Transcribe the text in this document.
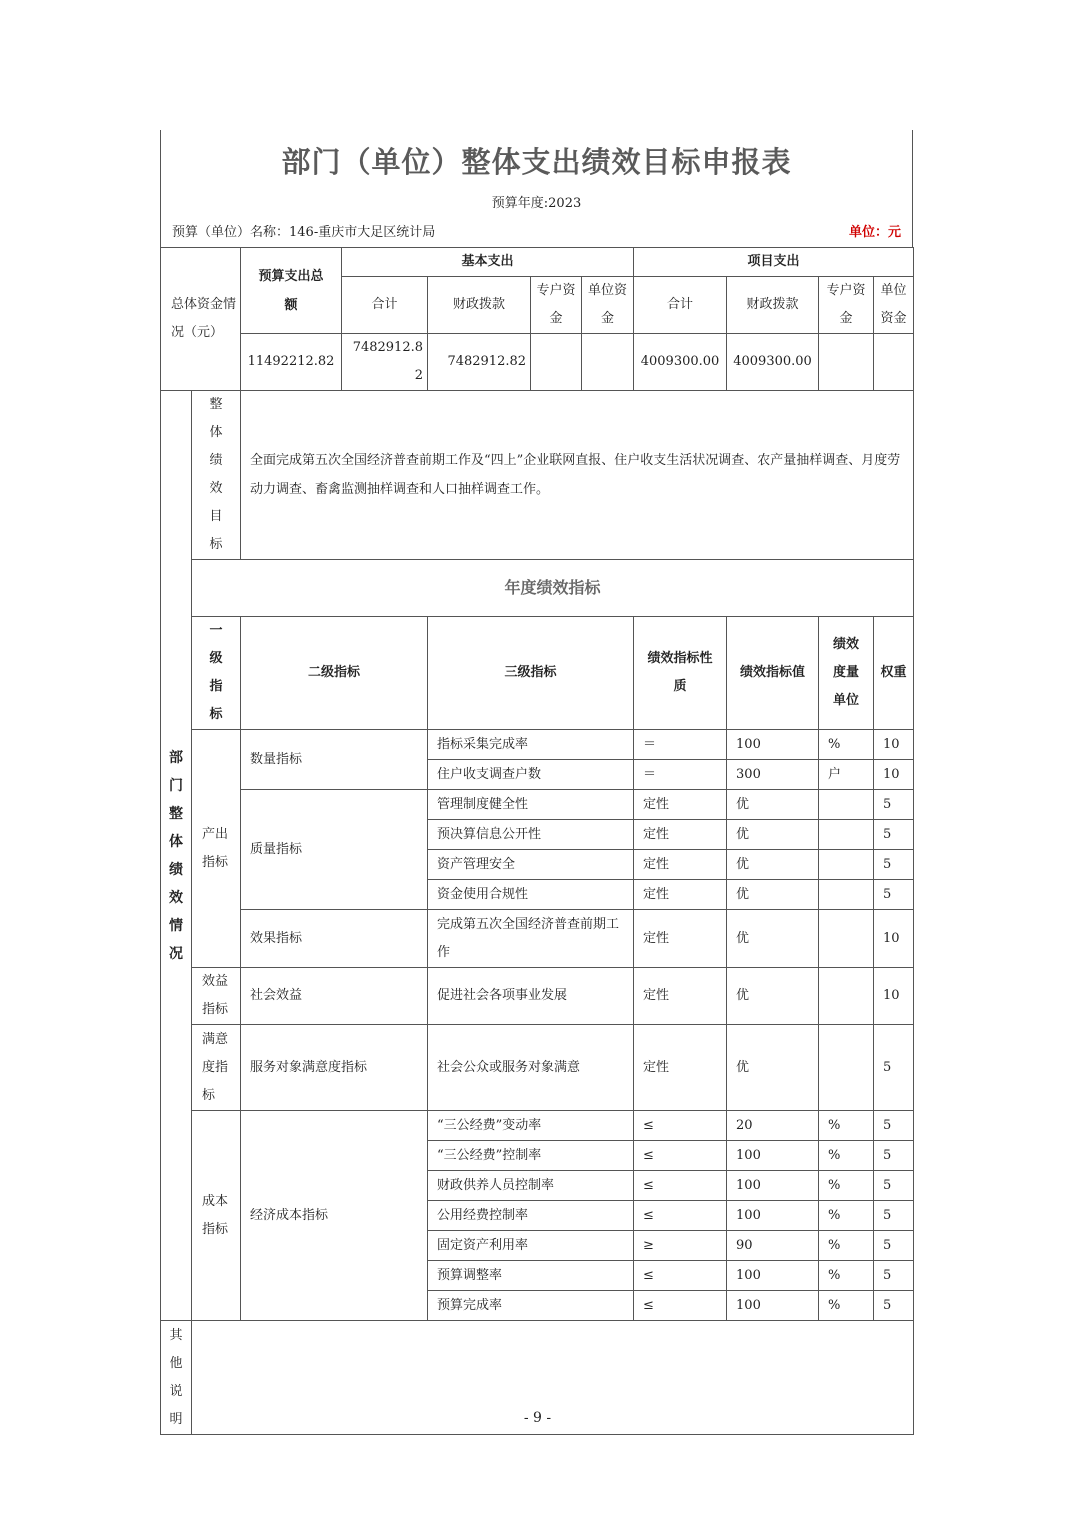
部门（单位）整体支出绩效目标申报表
预算年度:2023
预算（单位）名称：146-重庆市大足区统计局	单位：元
总体资金情况（元）		预算支出总额	基本支出				项目支出			
			合计	财政拨款	专户资金	单位资金	合计	财政拨款	专户资金	单位资金
		11492212.82	7482912.82	7482912.82			4009300.00	4009300.00		
部门整体绩效情况	整体绩效目标	全面完成第五次全国经济普查前期工作及“四上”企业联网直报、住户收支生活状况调查、农产量抽样调查、月度劳动力调查、畜禽监测抽样调查和人口抽样调查工作。								
	年度绩效指标									
	一级指标	二级指标		三级指标			绩效指标性质	绩效指标值	绩效度量单位	权重
	产出指标	数量指标		指标采集完成率			＝	100	%	10
				住户收支调查户数			＝	300	户	10
		质量指标		管理制度健全性			定性	优		5
				预决算信息公开性			定性	优		5
				资产管理安全			定性	优		5
				资金使用合规性			定性	优		5
		效果指标		完成第五次全国经济普查前期工作			定性	优		10
	效益指标	社会效益		促进社会各项事业发展			定性	优		10
	满意度指标	服务对象满意度指标		社会公众或服务对象满意			定性	优		5
	成本指标	经济成本指标		“三公经费”变动率			≤	20	%	5
				“三公经费”控制率			≤	100	%	5
				财政供养人员控制率			≤	100	%	5
				公用经费控制率			≤	100	%	5
				固定资产利用率			≥	90	%	5
				预算调整率			≤	100	%	5
				预算完成率			≤	100	%	5
其他说明											- 9 -
